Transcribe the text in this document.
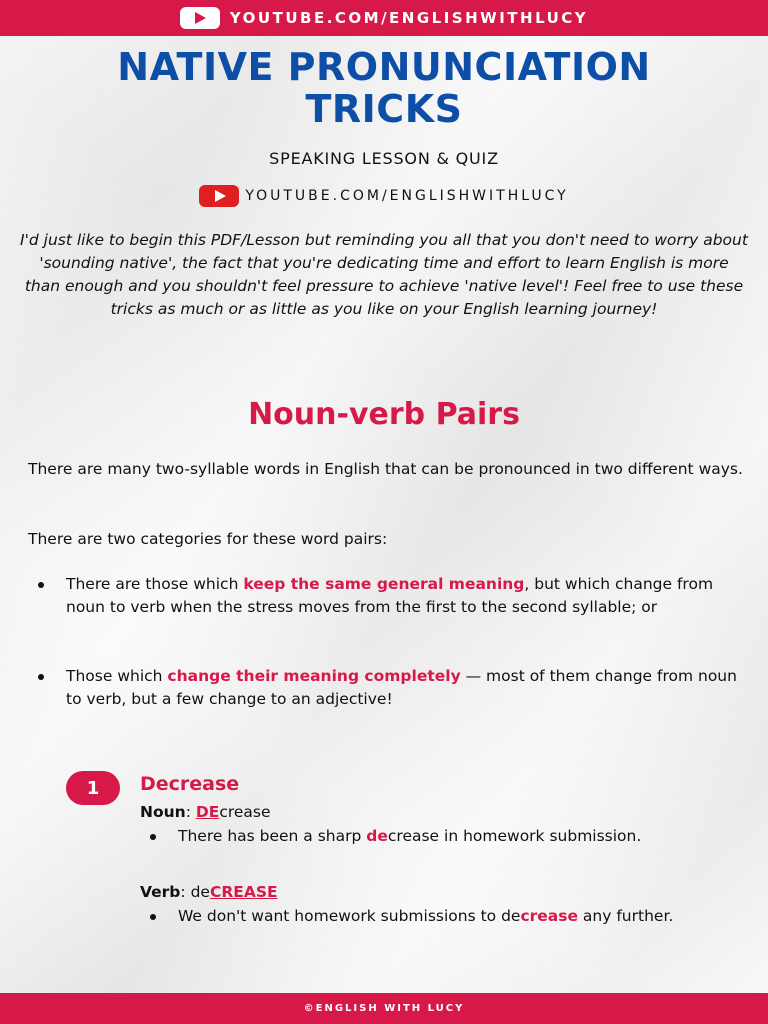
YOUTUBE.COM/ENGLISHWITHLUCY
NATIVE PRONUNCIATION
TRICKS
SPEAKING LESSON & QUIZ
YOUTUBE.COM/ENGLISHWITHLUCY

I'd just like to begin this PDF/Lesson but reminding you all that you don't need to worry about 'sounding native', the fact that you're dedicating time and effort to learn English is more than enough and you shouldn't feel pressure to achieve 'native level'! Feel free to use these tricks as much or as little as you like on your English learning journey!

Noun-verb Pairs

There are many two-syllable words in English that can be pronounced in two different ways.

There are two categories for these word pairs:

There are those which keep the same general meaning, but which change from noun to verb when the stress moves from the first to the second syllable; or
Those which change their meaning completely — most of them change from noun to verb, but a few change to an adjective!
1	Decrease
Noun: DEcrease
There has been a sharp decrease in homework submission.
Verb: deCREASE
We don't want homework submissions to decrease any further.
©ENGLISH WITH LUCY
